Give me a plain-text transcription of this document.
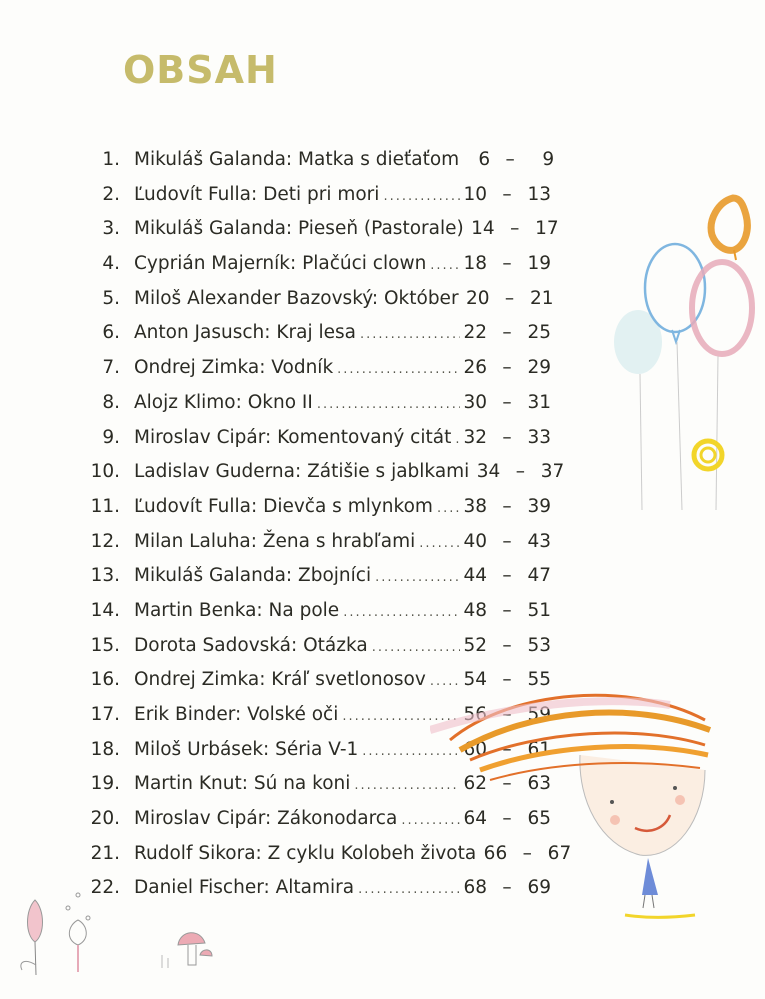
OBSAH
1. Mikuláš Galanda: Matka s dieťaťom	6 –	9
2. Ľudovít Fulla: Deti pri mori .....	10 – 13
3. Mikuláš Galanda: Pieseň (Pastorale) 14 – 17
4. Cyprián Majerník: Plačúci clown ..... 18 – 19
5. Miloš Alexander Bazovský: Október 20 – 21
6. Anton Jasusch: Kraj lesa .....	22 – 25
7. Ondrej Zimka: Vodník .....	26 – 29
8. Alojz Klimo: Okno II .....	30 – 31
9. Miroslav Cipár: Komentovaný citát ..... 32 – 33
10. Ladislav Guderna: Zátišie s jablkami 34 – 37
11. Ľudovít Fulla: Dievča s mlynkom ..... 38 – 39
12. Milan Laluha: Žena s hrabľami .....	40 – 43
13. Mikuláš Galanda: Zbojníci .....	44 – 47
14. Martin Benka: Na pole .....	48 – 51
15. Dorota Sadovská: Otázka .....	52 – 53
16. Ondrej Zimka: Kráľ svetlonosov ..... 54 – 55
17. Erik Binder: Volské oči .....	56 – 59
18. Miloš Urbásek: Séria V-1 .....	60 – 61
19. Martin Knut: Sú na koni .....	62 – 63
20. Miroslav Cipár: Zákonodarca .....	64 – 65
21. Rudolf Sikora: Z cyklu Kolobeh života 66 – 67
22. Daniel Fischer: Altamira .....	68 – 69
